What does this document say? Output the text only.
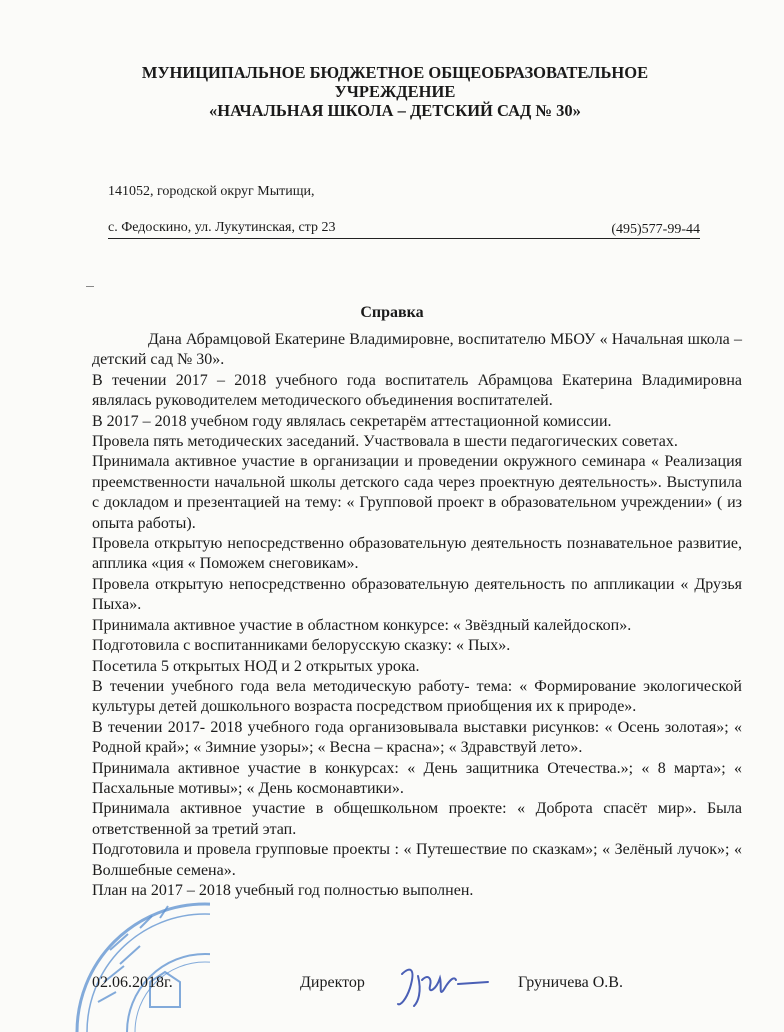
МУНИЦИПАЛЬНОЕ БЮДЖЕТНОЕ ОБЩЕОБРАЗОВАТЕЛЬНОЕ
УЧРЕЖДЕНИЕ
«НАЧАЛЬНАЯ ШКОЛА – ДЕТСКИЙ САД № 30»
141052, городской округ Мытищи,
с. Федоскино, ул. Лукутинская, стр 23	(495)577-99-44
Справка

Дана Абрамцовой Екатерине Владимировне, воспитателю МБОУ « Начальная школа – детский сад № 30».

В течении 2017 – 2018 учебного года воспитатель Абрамцова Екатерина Владимировна являлась руководителем методического объединения воспитателей.

В 2017 – 2018 учебном году являлась секретарём аттестационной комиссии.

Провела пять методических заседаний. Участвовала в шести педагогических советах.

Принимала активное участие в организации и проведении окружного семинара « Реализация преемственности начальной школы детского сада через проектную деятельность». Выступила с докладом и презентацией на тему: « Групповой проект в образовательном учреждении» ( из опыта работы).

Провела открытую непосредственно образовательную деятельность познавательное развитие, апплика «ция « Поможем снеговикам».

Провела открытую непосредственно образовательную деятельность по аппликации « Друзья Пыха».

Принимала активное участие в областном конкурсе: « Звёздный калейдоскоп».

Подготовила с воспитанниками белорусскую сказку: « Пых».

Посетила 5 открытых НОД и 2 открытых урока.

В течении учебного года вела методическую работу- тема: « Формирование экологической культуры детей дошкольного возраста посредством приобщения их к природе».

В течении 2017- 2018 учебного года организовывала выставки рисунков: « Осень золотая»; « Родной край»; « Зимние узоры»; « Весна – красна»; « Здравствуй лето».

Принимала активное участие в конкурсах: « День защитника Отечества.»; « 8 марта»; « Пасхальные мотивы»; « День космонавтики».

Принимала активное участие в общешкольном проекте: « Доброта спасёт мир». Была ответственной за третий этап.

Подготовила и провела групповые проекты : « Путешествие по сказкам»; « Зелёный лучок»; « Волшебные семена».

План на 2017 – 2018 учебный год полностью выполнен.

02.06.2018г.	Директор	Груничева О.В.
